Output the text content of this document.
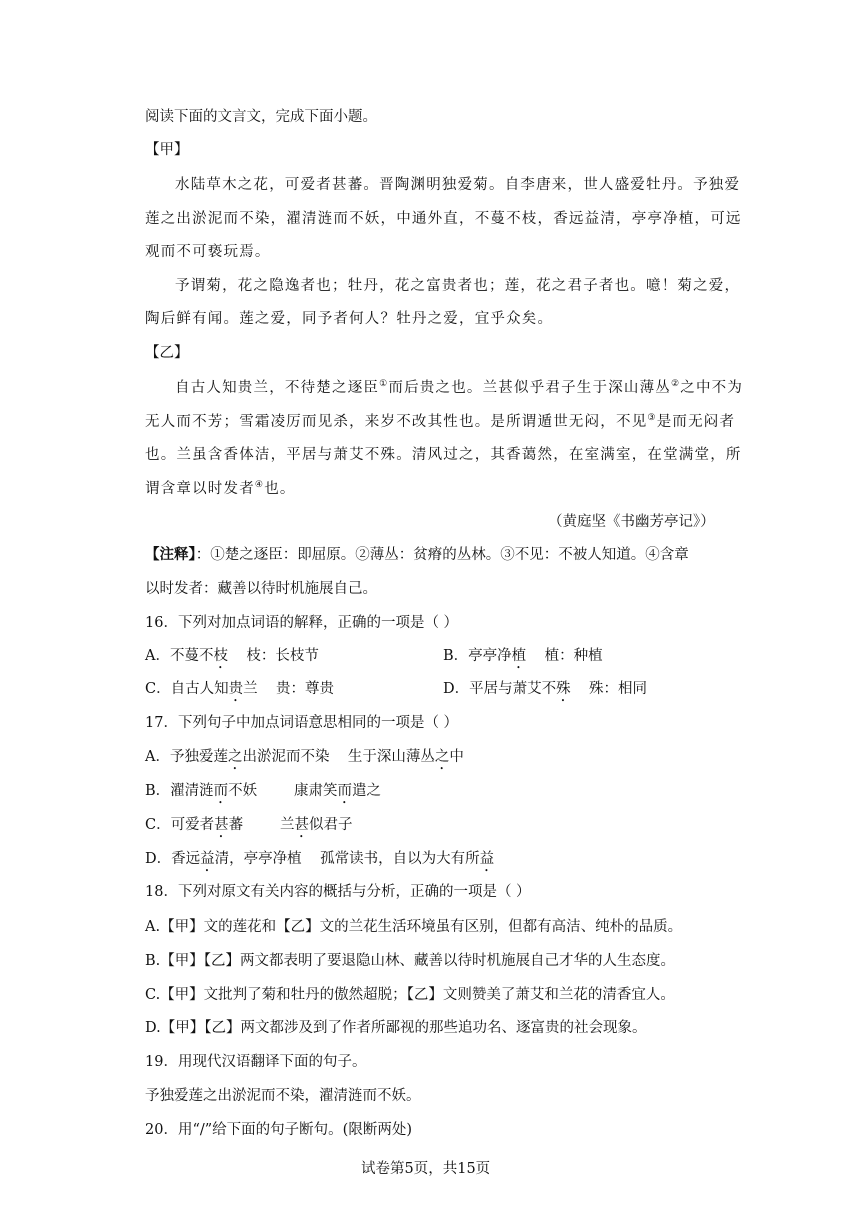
阅读下面的文言文，完成下面小题。
【甲】
水陆草木之花，可爱者甚蕃。晋陶渊明独爱菊。自李唐来，世人盛爱牡丹。予独爱
莲之出淤泥而不染，濯清涟而不妖，中通外直，不蔓不枝，香远益清，亭亭净植，可远
观而不可亵玩焉。
予谓菊，花之隐逸者也；牡丹，花之富贵者也；莲，花之君子者也。噫！菊之爱，
陶后鲜有闻。莲之爱，同予者何人？牡丹之爱，宜乎众矣。
【乙】
自古人知贵兰，不待楚之逐臣①而后贵之也。兰甚似乎君子生于深山薄丛②之中不为
无人而不芳；雪霜凌厉而见杀，来岁不改其性也。是所谓遁世无闷，不见③是而无闷者
也。兰虽含香体洁，平居与萧艾不殊。清风过之，其香蔼然，在室满室，在堂满堂，所
谓含章以时发者④也。
（黄庭坚《书幽芳亭记》）
【注释】：①楚之逐臣：即屈原。②薄丛：贫瘠的丛林。③不见：不被人知道。④含章
以时发者：藏善以待时机施展自己。
16．下列对加点词语的解释，正确的一项是（ ）
A．不蔓不枝    枝：长枝节	B．亭亭净植    植：种植
C．自古人知贵兰    贵：尊贵	D．平居与萧艾不殊    殊：相同
17．下列句子中加点词语意思相同的一项是（ ）
A．予独爱莲之出淤泥而不染    生于深山薄丛之中
B．濯清涟而不妖        康肃笑而遣之
C．可爱者甚蕃        兰甚似君子
D．香远益清，亭亭净植    孤常读书，自以为大有所益
18．下列对原文有关内容的概括与分析，正确的一项是（ ）
A.【甲】文的莲花和【乙】文的兰花生活环境虽有区别，但都有高洁、纯朴的品质。
B.【甲】【乙】两文都表明了要退隐山林、藏善以待时机施展自己才华的人生态度。
C.【甲】文批判了菊和牡丹的傲然超脱；【乙】文则赞美了萧艾和兰花的清香宜人。
D.【甲】【乙】两文都涉及到了作者所鄙视的那些追功名、逐富贵的社会现象。
19．用现代汉语翻译下面的句子。
予独爱莲之出淤泥而不染，濯清涟而不妖。
20．用“/”给下面的句子断句。(限断两处)
试卷第5页，共15页
